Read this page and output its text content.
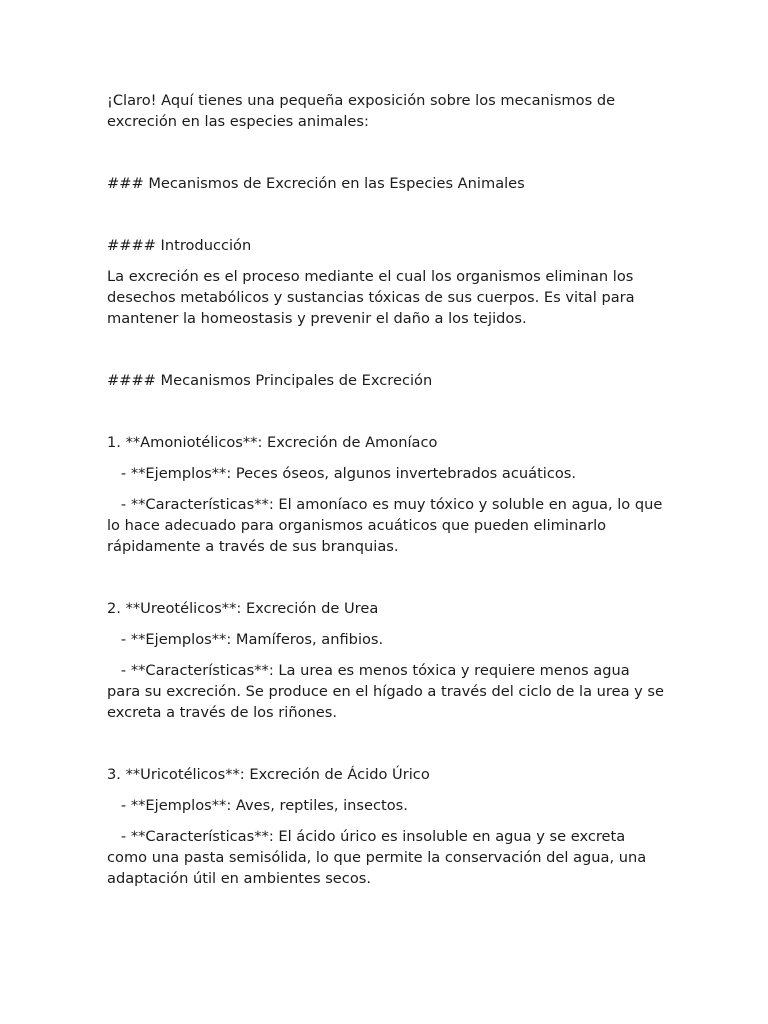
¡Claro! Aquí tienes una pequeña exposición sobre los mecanismos de excreción en las especies animales:

### Mecanismos de Excreción en las Especies Animales

#### Introducción

La excreción es el proceso mediante el cual los organismos eliminan los desechos metabólicos y sustancias tóxicas de sus cuerpos. Es vital para mantener la homeostasis y prevenir el daño a los tejidos.

#### Mecanismos Principales de Excreción

1. **Amoniotélicos**: Excreción de Amoníaco

- **Ejemplos**: Peces óseos, algunos invertebrados acuáticos.

- **Características**: El amoníaco es muy tóxico y soluble en agua, lo que lo hace adecuado para organismos acuáticos que pueden eliminarlo rápidamente a través de sus branquias.

2. **Ureotélicos**: Excreción de Urea

- **Ejemplos**: Mamíferos, anfibios.

- **Características**: La urea es menos tóxica y requiere menos agua para su excreción. Se produce en el hígado a través del ciclo de la urea y se excreta a través de los riñones.

3. **Uricotélicos**: Excreción de Ácido Úrico

- **Ejemplos**: Aves, reptiles, insectos.

- **Características**: El ácido úrico es insoluble en agua y se excreta como una pasta semisólida, lo que permite la conservación del agua, una adaptación útil en ambientes secos.
